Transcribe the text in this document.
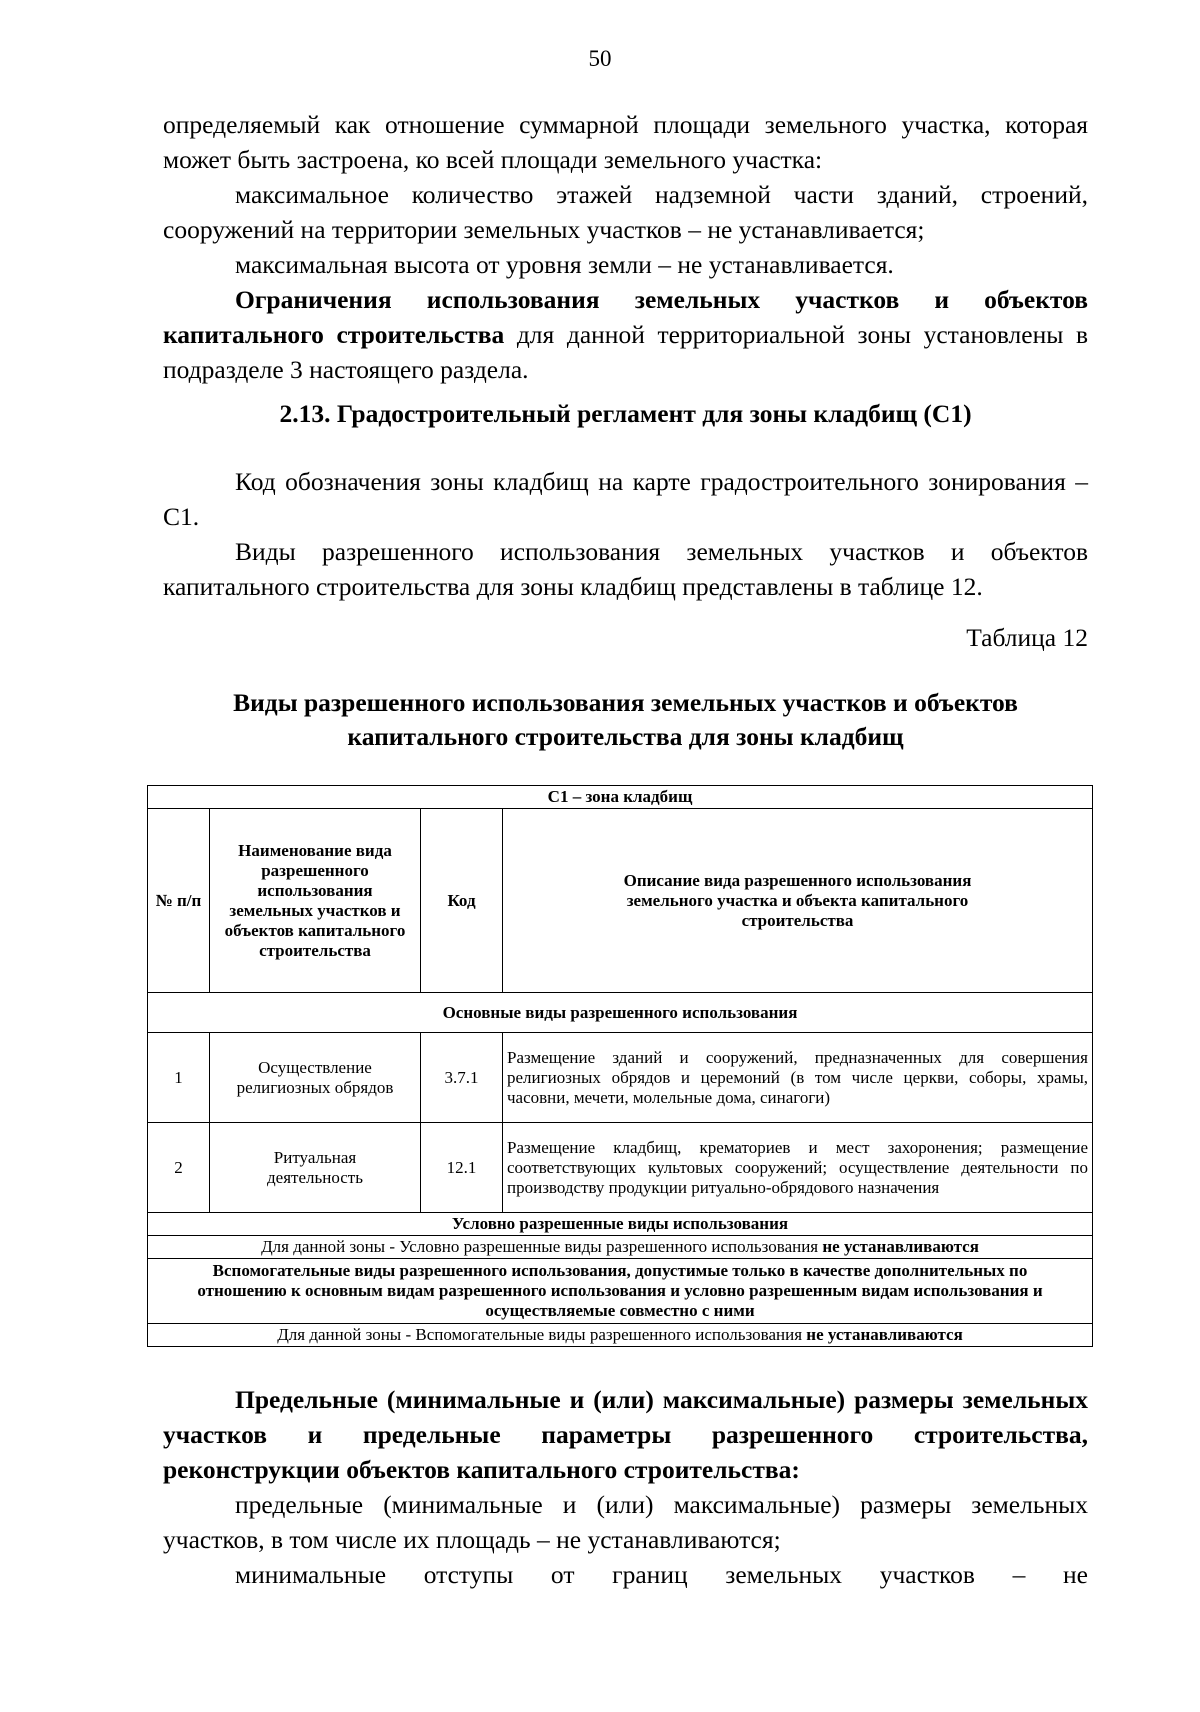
50

определяемый как отношение суммарной площади земельного участка, которая может быть застроена, ко всей площади земельного участка:

максимальное количество этажей надземной части зданий, строений, сооружений на территории земельных участков – не устанавливается;

максимальная высота от уровня земли – не устанавливается.

Ограничения использования земельных участков и объектов капитального строительства для данной территориальной зоны установлены в подразделе 3 настоящего раздела.

2.13. Градостроительный регламент для зоны кладбищ (С1)

Код обозначения зоны кладбищ на карте градостроительного зонирования – С1.

Виды разрешенного использования земельных участков и объектов капитального строительства для зоны кладбищ представлены в таблице 12.

Таблица 12

Виды разрешенного использования земельных участков и объектов капитального строительства для зоны кладбищ

С1 – зона кладбищ			
№ п/п	Наименование вида разрешенного использования земельных участков и объектов капитального строительства	Код	Описание вида разрешенного использования земельного участка и объекта капитального строительства
Основные виды разрешенного использования			
1	Осуществление религиозных обрядов	3.7.1	Размещение зданий и сооружений, предназначенных для совершения религиозных обрядов и церемоний (в том числе церкви, соборы, храмы, часовни, мечети, молельные дома, синагоги)
2	Ритуальная деятельность	12.1	Размещение кладбищ, крематориев и мест захоронения; размещение соответствующих культовых сооружений; осуществление деятельности по производству продукции ритуально-обрядового назначения
Условно разрешенные виды использования			
Для данной зоны - Условно разрешенные виды разрешенного использования не устанавливаются			
Вспомогательные виды разрешенного использования, допустимые только в качестве дополнительных по отношению к основным видам разрешенного использования и условно разрешенным видам использования и осуществляемые совместно с ними			
Для данной зоны - Вспомогательные виды разрешенного использования не устанавливаются			

Предельные (минимальные и (или) максимальные) размеры земельных участков и предельные параметры разрешенного строительства, реконструкции объектов капитального строительства:

предельные (минимальные и (или) максимальные) размеры земельных участков, в том числе их площадь – не устанавливаются;

минимальные отступы от границ земельных участков – не
